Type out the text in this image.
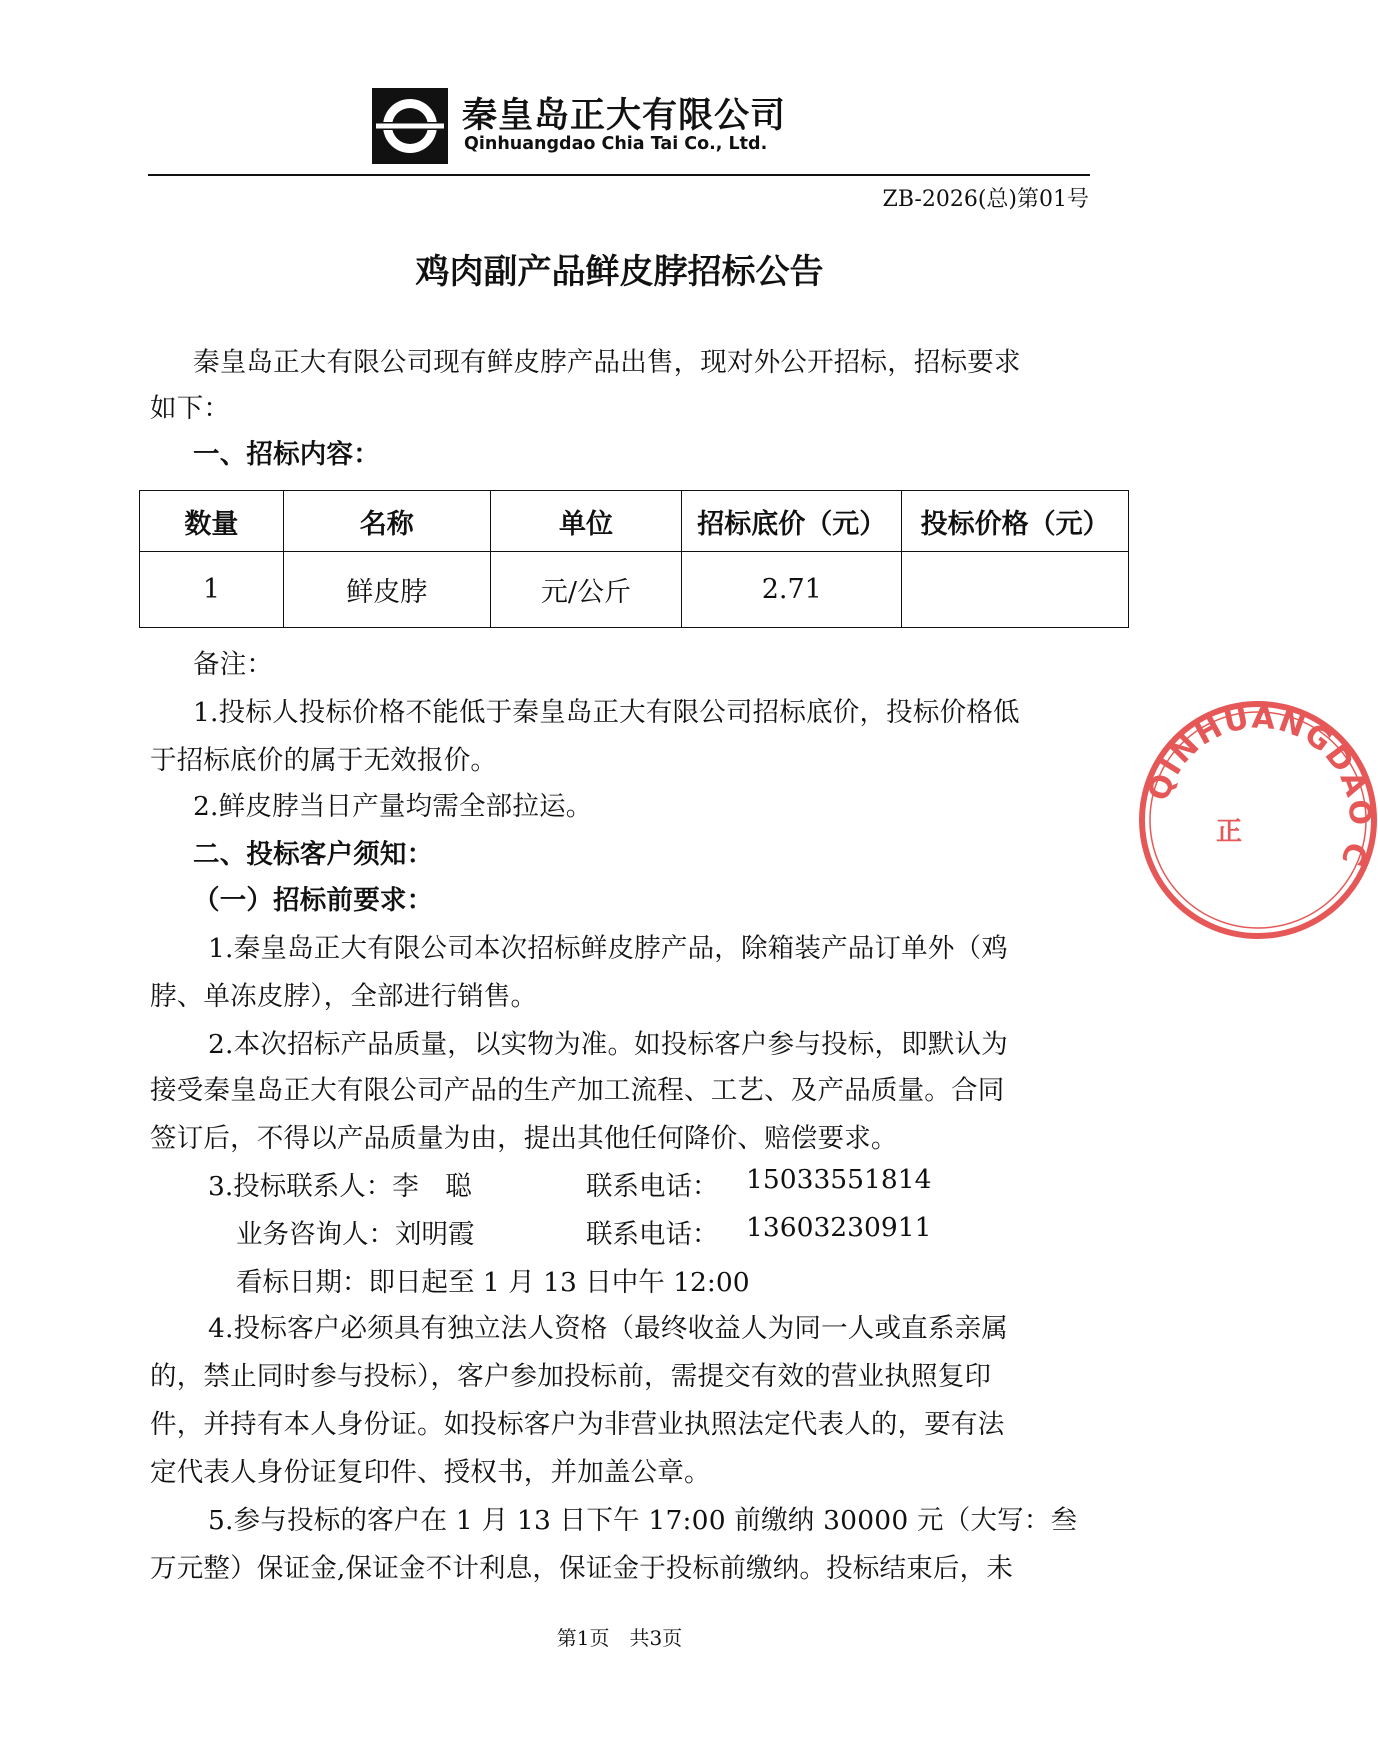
秦皇岛正大有限公司
Qinhuangdao Chia Tai Co., Ltd.
ZB-2026(总)第01号
鸡肉副产品鲜皮脖招标公告
秦皇岛正大有限公司现有鲜皮脖产品出售，现对外公开招标，招标要求
如下：
一、招标内容：
数量	名称	单位	招标底价（元）	投标价格（元）
1	鲜皮脖	元/公斤	2.71	
备注：
1.投标人投标价格不能低于秦皇岛正大有限公司招标底价，投标价格低
于招标底价的属于无效报价。
2.鲜皮脖当日产量均需全部拉运。
二、投标客户须知：
（一）招标前要求：
1.秦皇岛正大有限公司本次招标鲜皮脖产品，除箱装产品订单外（鸡
脖、单冻皮脖），全部进行销售。
2.本次招标产品质量，以实物为准。如投标客户参与投标，即默认为
接受秦皇岛正大有限公司产品的生产加工流程、工艺、及产品质量。合同
签订后，不得以产品质量为由，提出其他任何降价、赔偿要求。
3.投标联系人：李　聪	联系电话： 15033551814
业务咨询人：刘明霞	联系电话： 13603230911
看标日期：即日起至 1 月 13 日中午 12:00
4.投标客户必须具有独立法人资格（最终收益人为同一人或直系亲属
的，禁止同时参与投标），客户参加投标前，需提交有效的营业执照复印
件，并持有本人身份证。如投标客户为非营业执照法定代表人的，要有法
定代表人身份证复印件、授权书，并加盖公章。
5.参与投标的客户在 1 月 13 日下午 17:00 前缴纳 30000 元（大写：叁
万元整）保证金,保证金不计利息，保证金于投标前缴纳。投标结束后，未
第1页　共3页
QINHUANGDAO C
正
